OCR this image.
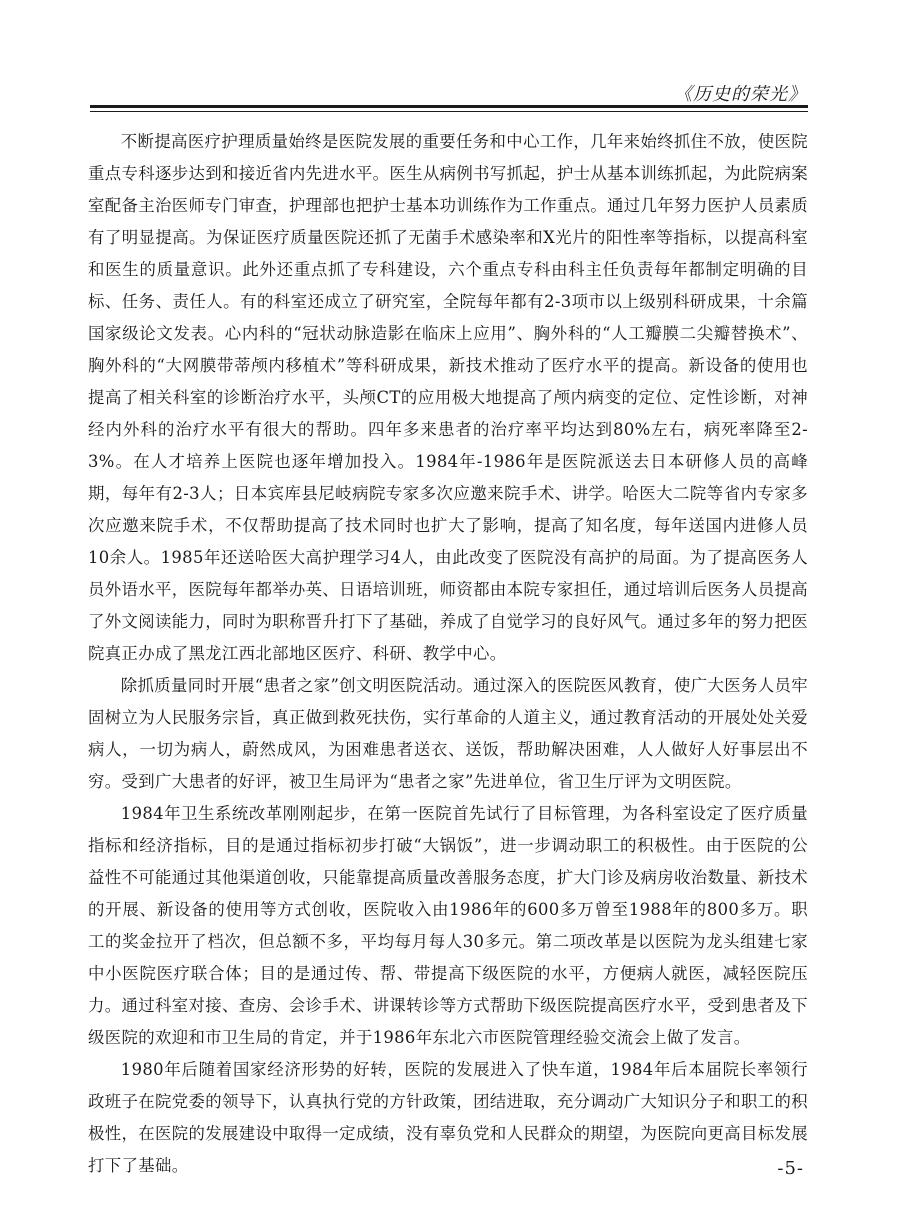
《历史的荣光》

不断提高医疗护理质量始终是医院发展的重要任务和中心工作，几年来始终抓住不放，使医院重点专科逐步达到和接近省内先进水平。医生从病例书写抓起，护士从基本训练抓起，为此院病案室配备主治医师专门审查，护理部也把护士基本功训练作为工作重点。通过几年努力医护人员素质有了明显提高。为保证医疗质量医院还抓了无菌手术感染率和X光片的阳性率等指标，以提高科室和医生的质量意识。此外还重点抓了专科建设，六个重点专科由科主任负责每年都制定明确的目标、任务、责任人。有的科室还成立了研究室，全院每年都有2-3项市以上级别科研成果，十余篇国家级论文发表。心内科的“冠状动脉造影在临床上应用”、胸外科的“人工瓣膜二尖瓣替换术”、胸外科的“大网膜带蒂颅内移植术”等科研成果，新技术推动了医疗水平的提高。新设备的使用也提高了相关科室的诊断治疗水平，头颅CT的应用极大地提高了颅内病变的定位、定性诊断，对神经内外科的治疗水平有很大的帮助。四年多来患者的治疗率平均达到80%左右，病死率降至2-3%。在人才培养上医院也逐年增加投入。1984年-1986年是医院派送去日本研修人员的高峰期，每年有2-3人；日本宾库县尼岐病院专家多次应邀来院手术、讲学。哈医大二院等省内专家多次应邀来院手术，不仅帮助提高了技术同时也扩大了影响，提高了知名度，每年送国内进修人员10余人。1985年还送哈医大高护理学习4人，由此改变了医院没有高护的局面。为了提高医务人员外语水平，医院每年都举办英、日语培训班，师资都由本院专家担任，通过培训后医务人员提高了外文阅读能力，同时为职称晋升打下了基础，养成了自觉学习的良好风气。通过多年的努力把医院真正办成了黑龙江西北部地区医疗、科研、教学中心。

除抓质量同时开展“患者之家”创文明医院活动。通过深入的医院医风教育，使广大医务人员牢固树立为人民服务宗旨，真正做到救死扶伤，实行革命的人道主义，通过教育活动的开展处处关爱病人，一切为病人，蔚然成风，为困难患者送衣、送饭，帮助解决困难，人人做好人好事层出不穷。受到广大患者的好评，被卫生局评为“患者之家”先进单位，省卫生厅评为文明医院。

1984年卫生系统改革刚刚起步，在第一医院首先试行了目标管理，为各科室设定了医疗质量指标和经济指标，目的是通过指标初步打破“大锅饭”，进一步调动职工的积极性。由于医院的公益性不可能通过其他渠道创收，只能靠提高质量改善服务态度，扩大门诊及病房收治数量、新技术的开展、新设备的使用等方式创收，医院收入由1986年的600多万曾至1988年的800多万。职工的奖金拉开了档次，但总额不多，平均每月每人30多元。第二项改革是以医院为龙头组建七家中小医院医疗联合体；目的是通过传、帮、带提高下级医院的水平，方便病人就医，减轻医院压力。通过科室对接、查房、会诊手术、讲课转诊等方式帮助下级医院提高医疗水平，受到患者及下级医院的欢迎和市卫生局的肯定，并于1986年东北六市医院管理经验交流会上做了发言。

1980年后随着国家经济形势的好转，医院的发展进入了快车道，1984年后本届院长率领行政班子在院党委的领导下，认真执行党的方针政策，团结进取，充分调动广大知识分子和职工的积极性，在医院的发展建设中取得一定成绩，没有辜负党和人民群众的期望，为医院向更高目标发展打下了基础。	-5-
